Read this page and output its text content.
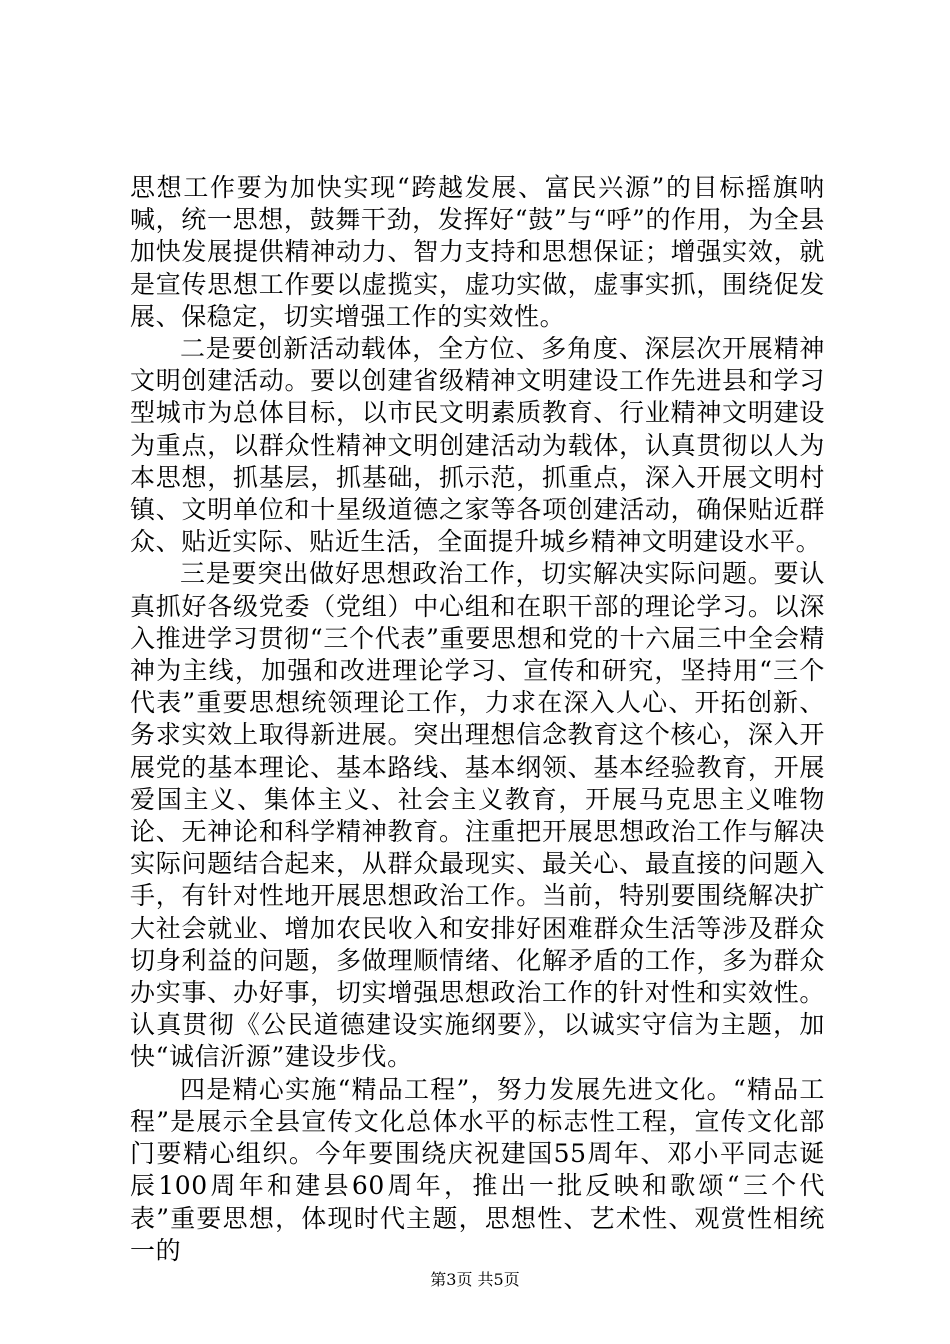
思想工作要为加快实现“跨越发展、富民兴源”的目标摇旗呐喊，统一思想，鼓舞干劲，发挥好“鼓”与“呼”的作用，为全县加快发展提供精神动力、智力支持和思想保证；增强实效，就是宣传思想工作要以虚揽实，虚功实做，虚事实抓，围绕促发展、保稳定，切实增强工作的实效性。

二是要创新活动载体，全方位、多角度、深层次开展精神文明创建活动。要以创建省级精神文明建设工作先进县和学习型城市为总体目标，以市民文明素质教育、行业精神文明建设为重点，以群众性精神文明创建活动为载体，认真贯彻以人为本思想，抓基层，抓基础，抓示范，抓重点，深入开展文明村镇、文明单位和十星级道德之家等各项创建活动，确保贴近群众、贴近实际、贴近生活，全面提升城乡精神文明建设水平。

三是要突出做好思想政治工作，切实解决实际问题。要认真抓好各级党委（党组）中心组和在职干部的理论学习。以深入推进学习贯彻“三个代表”重要思想和党的十六届三中全会精神为主线，加强和改进理论学习、宣传和研究，坚持用“三个代表”重要思想统领理论工作，力求在深入人心、开拓创新、务求实效上取得新进展。突出理想信念教育这个核心，深入开展党的基本理论、基本路线、基本纲领、基本经验教育，开展爱国主义、集体主义、社会主义教育，开展马克思主义唯物论、无神论和科学精神教育。注重把开展思想政治工作与解决实际问题结合起来，从群众最现实、最关心、最直接的问题入手，有针对性地开展思想政治工作。当前，特别要围绕解决扩大社会就业、增加农民收入和安排好困难群众生活等涉及群众切身利益的问题，多做理顺情绪、化解矛盾的工作，多为群众办实事、办好事，切实增强思想政治工作的针对性和实效性。认真贯彻《公民道德建设实施纲要》，以诚实守信为主题，加快“诚信沂源”建设步伐。

四是精心实施“精品工程”，努力发展先进文化。“精品工程”是展示全县宣传文化总体水平的标志性工程，宣传文化部门要精心组织。今年要围绕庆祝建国55周年、邓小平同志诞辰100周年和建县60周年，推出一批反映和歌颂“三个代表”重要思想，体现时代主题，思想性、艺术性、观赏性相统一的

第3页 共5页
